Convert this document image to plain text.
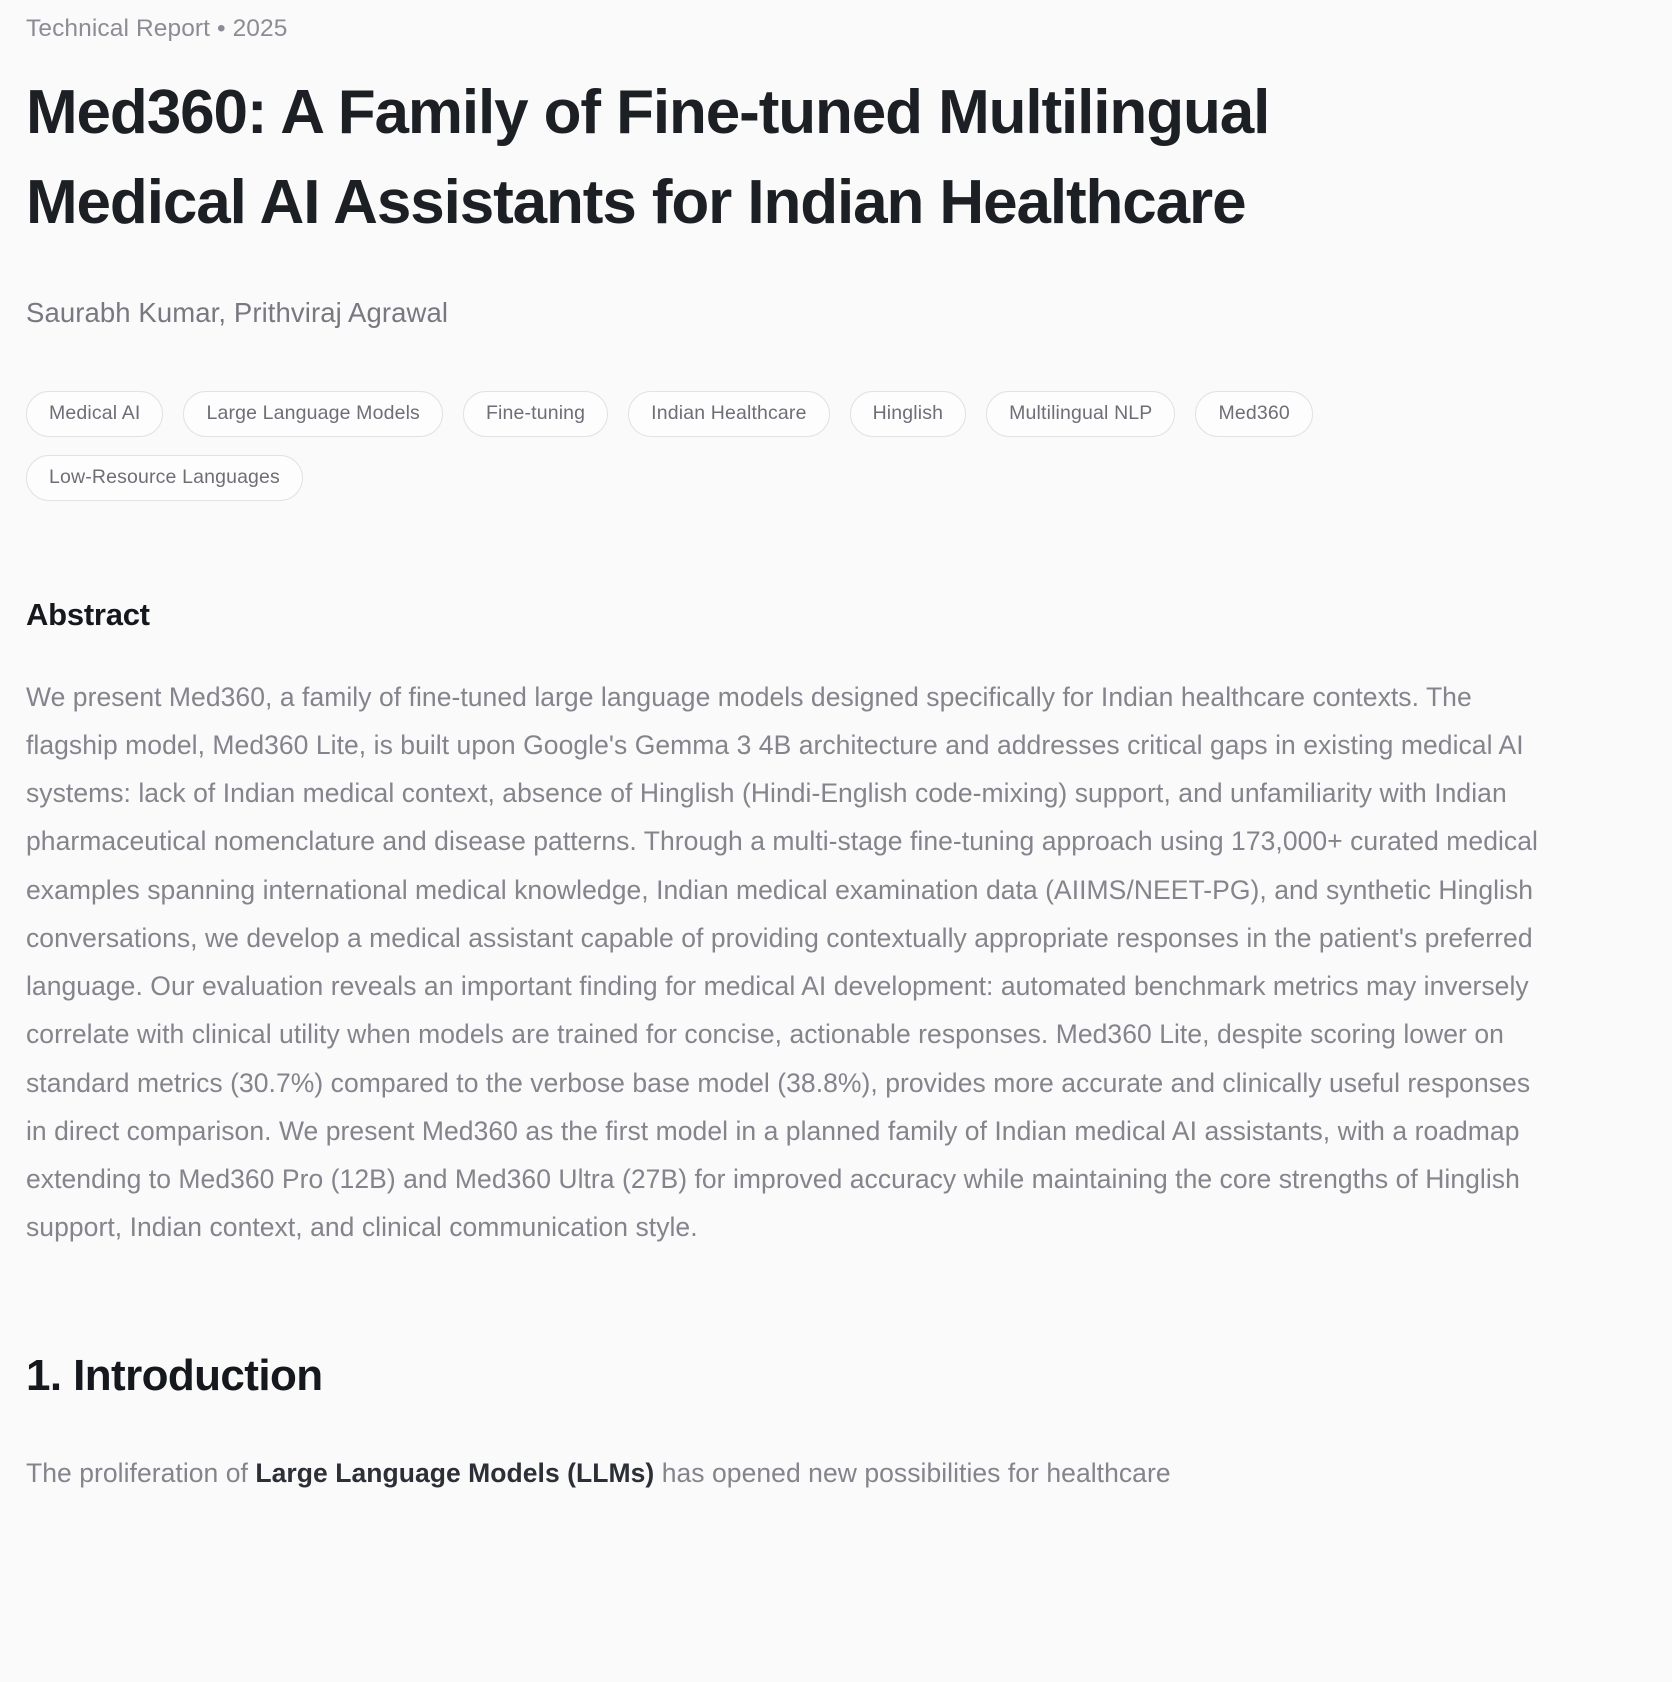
Technical Report • 2025
Med360: A Family of Fine-tuned Multilingual Medical AI Assistants for Indian Healthcare
Saurabh Kumar, Prithviraj Agrawal
Medical AI	Large Language Models	Fine-tuning	Indian Healthcare	Hinglish	Multilingual NLP	Med360
Low-Resource Languages
Abstract

We present Med360, a family of fine-tuned large language models designed specifically for Indian healthcare contexts. The flagship model, Med360 Lite, is built upon Google's Gemma 3 4B architecture and addresses critical gaps in existing medical AI systems: lack of Indian medical context, absence of Hinglish (Hindi-English code-mixing) support, and unfamiliarity with Indian pharmaceutical nomenclature and disease patterns. Through a multi-stage fine-tuning approach using 173,000+ curated medical examples spanning international medical knowledge, Indian medical examination data (AIIMS/NEET-PG), and synthetic Hinglish conversations, we develop a medical assistant capable of providing contextually appropriate responses in the patient's preferred language. Our evaluation reveals an important finding for medical AI development: automated benchmark metrics may inversely correlate with clinical utility when models are trained for concise, actionable responses. Med360 Lite, despite scoring lower on standard metrics (30.7%) compared to the verbose base model (38.8%), provides more accurate and clinically useful responses in direct comparison. We present Med360 as the first model in a planned family of Indian medical AI assistants, with a roadmap extending to Med360 Pro (12B) and Med360 Ultra (27B) for improved accuracy while maintaining the core strengths of Hinglish support, Indian context, and clinical communication style.

1. Introduction

The proliferation of Large Language Models (LLMs) has opened new possibilities for healthcare
